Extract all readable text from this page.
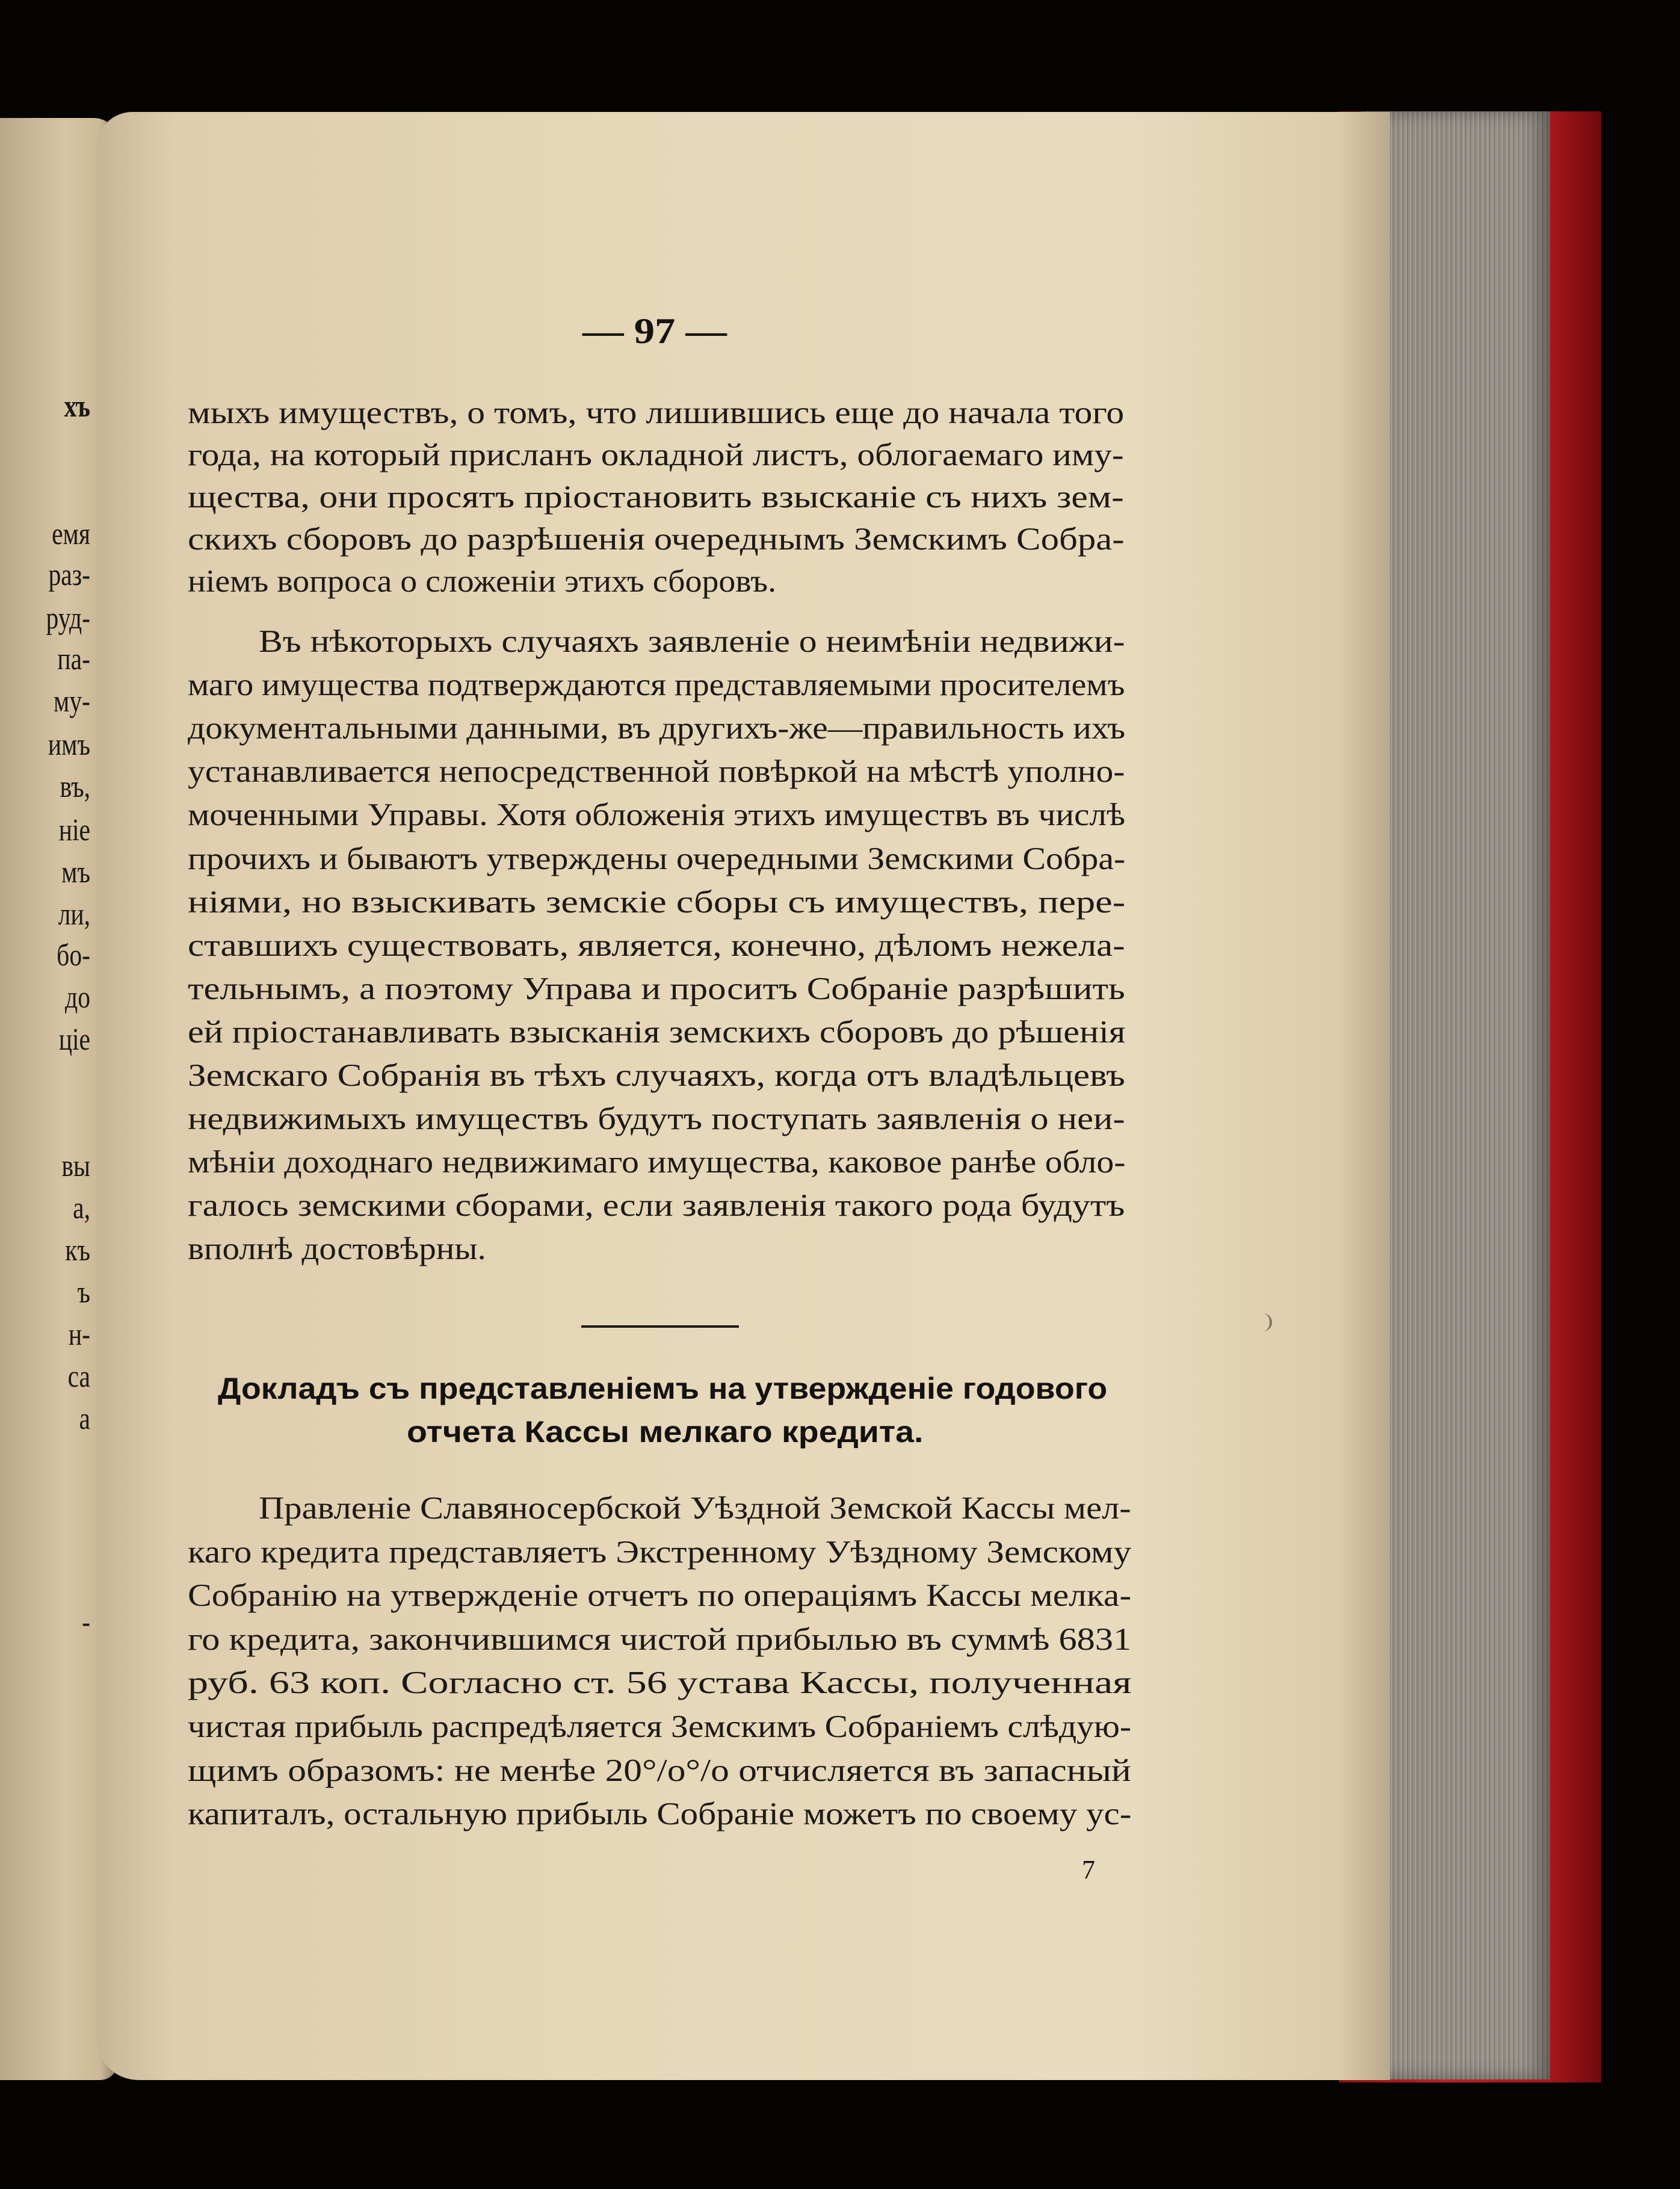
— 97 —
хъ
емя
раз-
руд-
па-
му-
имъ
въ,
ніе
мъ
ли,
бо-
до
ціе
вы
а,
къ
ъ
н-
са
а
-
мыхъ имуществъ, о томъ, что лишившись еще до начала того
года, на который присланъ окладной листъ, облогаемаго иму-
щества, они просятъ пріостановить взысканіе съ нихъ зем-
скихъ сборовъ до разрѣшенія очереднымъ Земскимъ Собра-
ніемъ вопроса о сложеніи этихъ сборовъ.
Въ нѣкоторыхъ случаяхъ заявленіе о неимѣніи недвижи-
маго имущества подтверждаются представляемыми просителемъ
документальными данными, въ другихъ-же—правильность ихъ
устанавливается непосредственной повѣркой на мѣстѣ уполно-
моченными Управы. Хотя обложенія этихъ имуществъ въ числѣ
прочихъ и бываютъ утверждены очередными Земскими Собра-
ніями, но взыскивать земскіе сборы съ имуществъ, пере-
ставшихъ существовать, является, конечно, дѣломъ нежела-
тельнымъ, а поэтому Управа и проситъ Собраніе разрѣшить
ей пріостанавливать взысканія земскихъ сборовъ до рѣшенія
Земскаго Собранія въ тѣхъ случаяхъ, когда отъ владѣльцевъ
недвижимыхъ имуществъ будутъ поступать заявленія о неи-
мѣніи доходнаго недвижимаго имущества, каковое ранѣе обло-
галось земскими сборами, если заявленія такого рода будутъ
вполнѣ достовѣрны.
Докладъ съ представленіемъ на утвержденіе годового
отчета Кассы мелкаго кредита.
Правленіе Славяносербской Уѣздной Земской Кассы мел-
каго кредита представляетъ Экстренному Уѣздному Земскому
Собранію на утвержденіе отчетъ по операціямъ Кассы мелка-
го кредита, закончившимся чистой прибылью въ суммѣ 6831
руб. 63 коп. Согласно ст. 56 устава Кассы, полученная
чистая прибыль распредѣляется Земскимъ Собраніемъ слѣдую-
щимъ образомъ: не менѣе 20°/о°/о отчисляется въ запасный
капиталъ, остальную прибыль Собраніе можетъ по своему ус-
7
